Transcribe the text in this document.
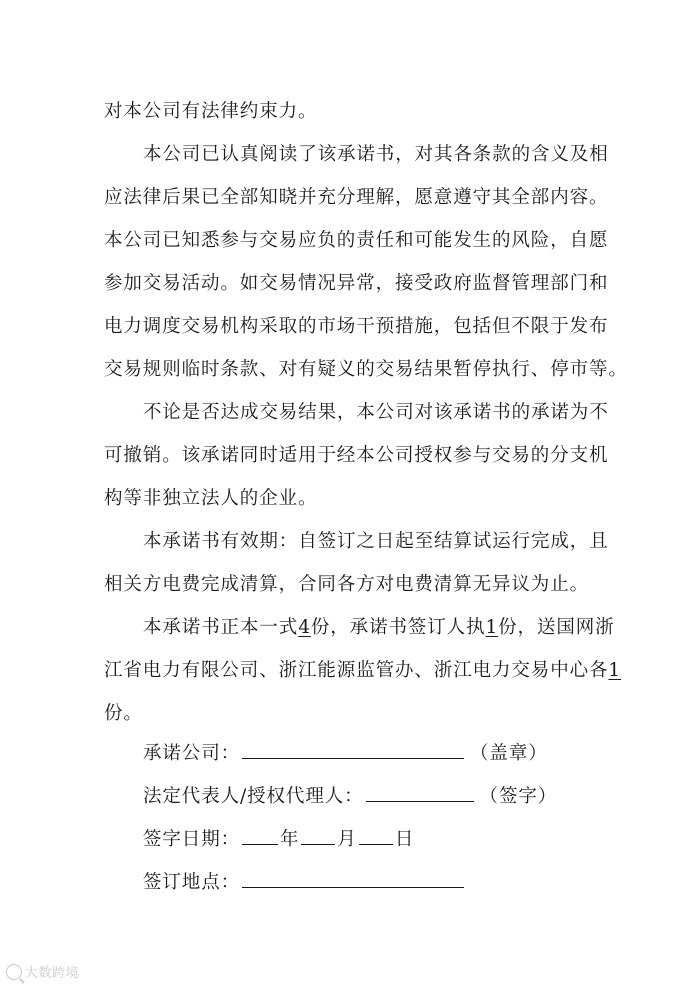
对本公司有法律约束力。
本公司已认真阅读了该承诺书，对其各条款的含义及相
应法律后果已全部知晓并充分理解，愿意遵守其全部内容。
本公司已知悉参与交易应负的责任和可能发生的风险，自愿
参加交易活动。如交易情况异常，接受政府监督管理部门和
电力调度交易机构采取的市场干预措施，包括但不限于发布
交易规则临时条款、对有疑义的交易结果暂停执行、停市等。
不论是否达成交易结果，本公司对该承诺书的承诺为不
可撤销。该承诺同时适用于经本公司授权参与交易的分支机
构等非独立法人的企业。
本承诺书有效期：自签订之日起至结算试运行完成，且
相关方电费完成清算，合同各方对电费清算无异议为止。
本承诺书正本一式4份，承诺书签订人执1份，送国网浙
江省电力有限公司、浙江能源监管办、浙江电力交易中心各1
份。
承诺公司：	（盖章）
法定代表人/授权代理人：	（签字）
签字日期： 年 月 日
签订地点：
大数跨境
